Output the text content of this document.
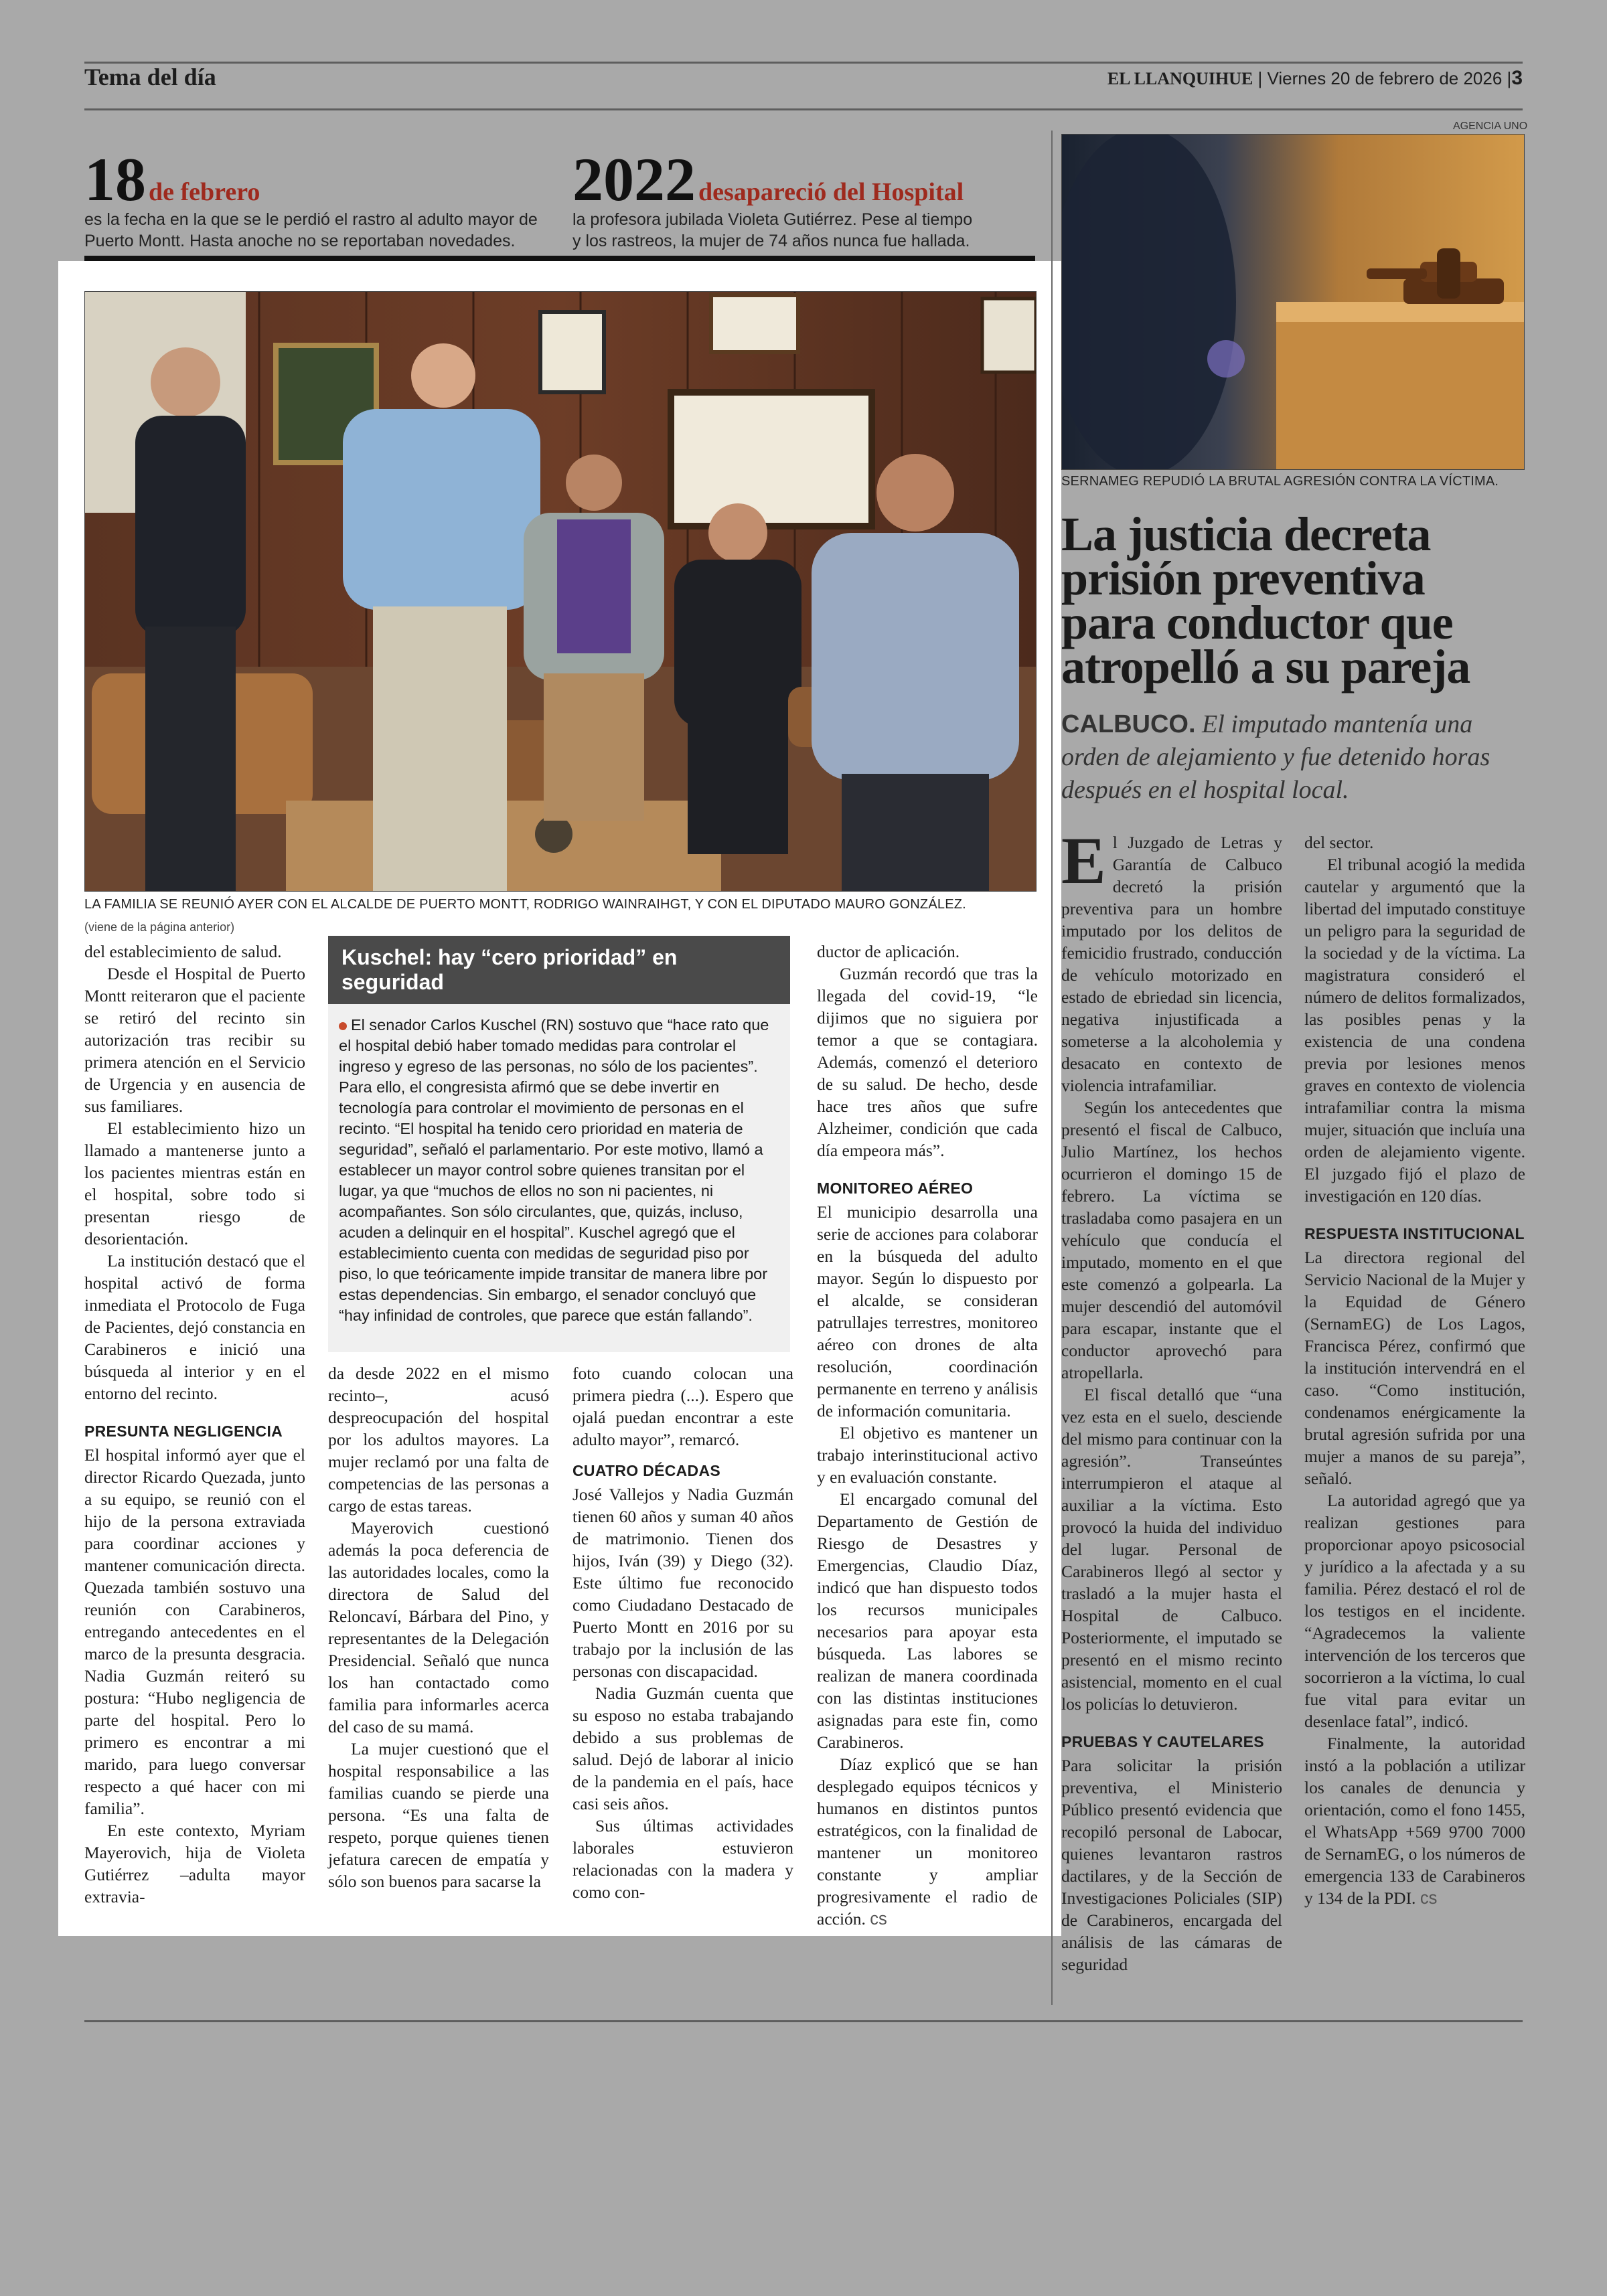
Tema del día	EL LLANQUIHUE | Viernes 20 de febrero de 2026 |3
18 de febrero
es la fecha en la que se le perdió el rastro al adulto mayor de Puerto Montt. Hasta anoche no se reportaban novedades.
2022 desapareció del Hospital
la profesora jubilada Violeta Gutiérrez. Pese al tiempo y los rastreos, la mujer de 74 años nunca fue hallada.
LA FAMILIA SE REUNIÓ AYER CON EL ALCALDE DE PUERTO MONTT, RODRIGO WAINRAIHGT, Y CON EL DIPUTADO MAURO GONZÁLEZ.
(viene de la página anterior)

del establecimiento de salud.

Desde el Hospital de Puerto Montt reiteraron que el paciente se retiró del recinto sin autorización tras recibir su primera atención en el Servicio de Urgencia y en ausencia de sus familiares.

El establecimiento hizo un llamado a mantenerse junto a los pacientes mientras están en el hospital, sobre todo si presentan riesgo de desorientación.

La institución destacó que el hospital activó de forma inmediata el Protocolo de Fuga de Pacientes, dejó constancia en Carabineros e inició una búsqueda al interior y en el entorno del recinto.

PRESUNTA NEGLIGENCIA

El hospital informó ayer que el director Ricardo Quezada, junto a su equipo, se reunió con el hijo de la persona extraviada para coordinar acciones y mantener comunicación directa. Quezada también sostuvo una reunión con Carabineros, entregando antecedentes en el marco de la presunta desgracia. Nadia Guzmán reiteró su postura: “Hubo negligencia de parte del hospital. Pero lo primero es encontrar a mi marido, para luego conversar respecto a qué hacer con mi familia”.

En este contexto, Myriam Mayerovich, hija de Violeta Gutiérrez –adulta mayor extravia-

Kuschel: hay “cero prioridad” en seguridad
El senador Carlos Kuschel (RN) sostuvo que “hace rato que el hospital debió haber tomado medidas para controlar el ingreso y egreso de las personas, no sólo de los pacientes”. Para ello, el congresista afirmó que se debe invertir en tecnología para controlar el movimiento de personas en el recinto. “El hospital ha tenido cero prioridad en materia de seguridad”, señaló el parlamentario. Por este motivo, llamó a establecer un mayor control sobre quienes transitan por el lugar, ya que “muchos de ellos no son ni pacientes, ni acompañantes. Son sólo circulantes, que, quizás, incluso, acuden a delinquir en el hospital”. Kuschel agregó que el establecimiento cuenta con medidas de seguridad piso por piso, lo que teóricamente impide transitar de manera libre por estas dependencias. Sin embargo, el senador concluyó que “hay infinidad de controles, que parece que están fallando”.

da desde 2022 en el mismo recinto–, acusó despreocupación del hospital por los adultos mayores. La mujer reclamó por una falta de competencias de las personas a cargo de estas tareas.

Mayerovich cuestionó además la poca deferencia de las autoridades locales, como la directora de Salud del Reloncaví, Bárbara del Pino, y representantes de la Delegación Presidencial. Señaló que nunca los han contactado como familia para informarles acerca del caso de su mamá.

La mujer cuestionó que el hospital responsabilice a las familias cuando se pierde una persona. “Es una falta de respeto, porque quienes tienen jefatura carecen de empatía y sólo son buenos para sacarse la

foto cuando colocan una primera piedra (...). Espero que ojalá puedan encontrar a este adulto mayor”, remarcó.

CUATRO DÉCADAS

José Vallejos y Nadia Guzmán tienen 60 años y suman 40 años de matrimonio. Tienen dos hijos, Iván (39) y Diego (32). Este último fue reconocido como Ciudadano Destacado de Puerto Montt en 2016 por su trabajo por la inclusión de las personas con discapacidad.

Nadia Guzmán cuenta que su esposo no estaba trabajando debido a sus problemas de salud. Dejó de laborar al inicio de la pandemia en el país, hace casi seis años.

Sus últimas actividades laborales estuvieron relacionadas con la madera y como con-

ductor de aplicación.

Guzmán recordó que tras la llegada del covid-19, “le dijimos que no siguiera por temor a que se contagiara. Además, comenzó el deterioro de su salud. De hecho, desde hace tres años que sufre Alzheimer, condición que cada día empeora más”.

MONITOREO AÉREO

El municipio desarrolla una serie de acciones para colaborar en la búsqueda del adulto mayor. Según lo dispuesto por el alcalde, se consideran patrullajes terrestres, monitoreo aéreo con drones de alta resolución, coordinación permanente en terreno y análisis de información comunitaria.

El objetivo es mantener un trabajo interinstitucional activo y en evaluación constante.

El encargado comunal del Departamento de Gestión de Riesgo de Desastres y Emergencias, Claudio Díaz, indicó que han dispuesto todos los recursos municipales necesarios para apoyar esta búsqueda. Las labores se realizan de manera coordinada con las distintas instituciones asignadas para este fin, como Carabineros.

Díaz explicó que se han desplegado equipos técnicos y humanos en distintos puntos estratégicos, con la finalidad de mantener un monitoreo constante y ampliar progresivamente el radio de acción. cs

AGENCIA UNO
SERNAMEG REPUDIÓ LA BRUTAL AGRESIÓN CONTRA LA VÍCTIMA.
La justicia decreta prisión preventiva para conductor que atropelló a su pareja
CALBUCO. El imputado mantenía una orden de alejamiento y fue detenido horas después en el hospital local.

El Juzgado de Letras y Garantía de Calbuco decretó la prisión preventiva para un hombre imputado por los delitos de femicidio frustrado, conducción de vehículo motorizado en estado de ebriedad sin licencia, negativa injustificada a someterse a la alcoholemia y desacato en contexto de violencia intrafamiliar.

Según los antecedentes que presentó el fiscal de Calbuco, Julio Martínez, los hechos ocurrieron el domingo 15 de febrero. La víctima se trasladaba como pasajera en un vehículo que conducía el imputado, momento en el que este comenzó a golpearla. La mujer descendió del automóvil para escapar, instante que el conductor aprovechó para atropellarla.

El fiscal detalló que “una vez esta en el suelo, desciende del mismo para continuar con la agresión”. Transeúntes interrumpieron el ataque al auxiliar a la víctima. Esto provocó la huida del individuo del lugar. Personal de Carabineros llegó al sector y trasladó a la mujer hasta el Hospital de Calbuco. Posteriormente, el imputado se presentó en el mismo recinto asistencial, momento en el cual los policías lo detuvieron.

PRUEBAS Y CAUTELARES

Para solicitar la prisión preventiva, el Ministerio Público presentó evidencia que recopiló personal de Labocar, quienes levantaron rastros dactilares, y de la Sección de Investigaciones Policiales (SIP) de Carabineros, encargada del análisis de las cámaras de seguridad

del sector.

El tribunal acogió la medida cautelar y argumentó que la libertad del imputado constituye un peligro para la seguridad de la sociedad y de la víctima. La magistratura consideró el número de delitos formalizados, las posibles penas y la existencia de una condena previa por lesiones menos graves en contexto de violencia intrafamiliar contra la misma mujer, situación que incluía una orden de alejamiento vigente. El juzgado fijó el plazo de investigación en 120 días.

RESPUESTA INSTITUCIONAL

La directora regional del Servicio Nacional de la Mujer y la Equidad de Género (SernamEG) de Los Lagos, Francisca Pérez, confirmó que la institución intervendrá en el caso. “Como institución, condenamos enérgicamente la brutal agresión sufrida por una mujer a manos de su pareja”, señaló.

La autoridad agregó que ya realizan gestiones para proporcionar apoyo psicosocial y jurídico a la afectada y a su familia. Pérez destacó el rol de los testigos en el incidente. “Agradecemos la valiente intervención de los terceros que socorrieron a la víctima, lo cual fue vital para evitar un desenlace fatal”, indicó.

Finalmente, la autoridad instó a la población a utilizar los canales de denuncia y orientación, como el fono 1455, el WhatsApp +569 9700 7000 de SernamEG, o los números de emergencia 133 de Carabineros y 134 de la PDI. cs
